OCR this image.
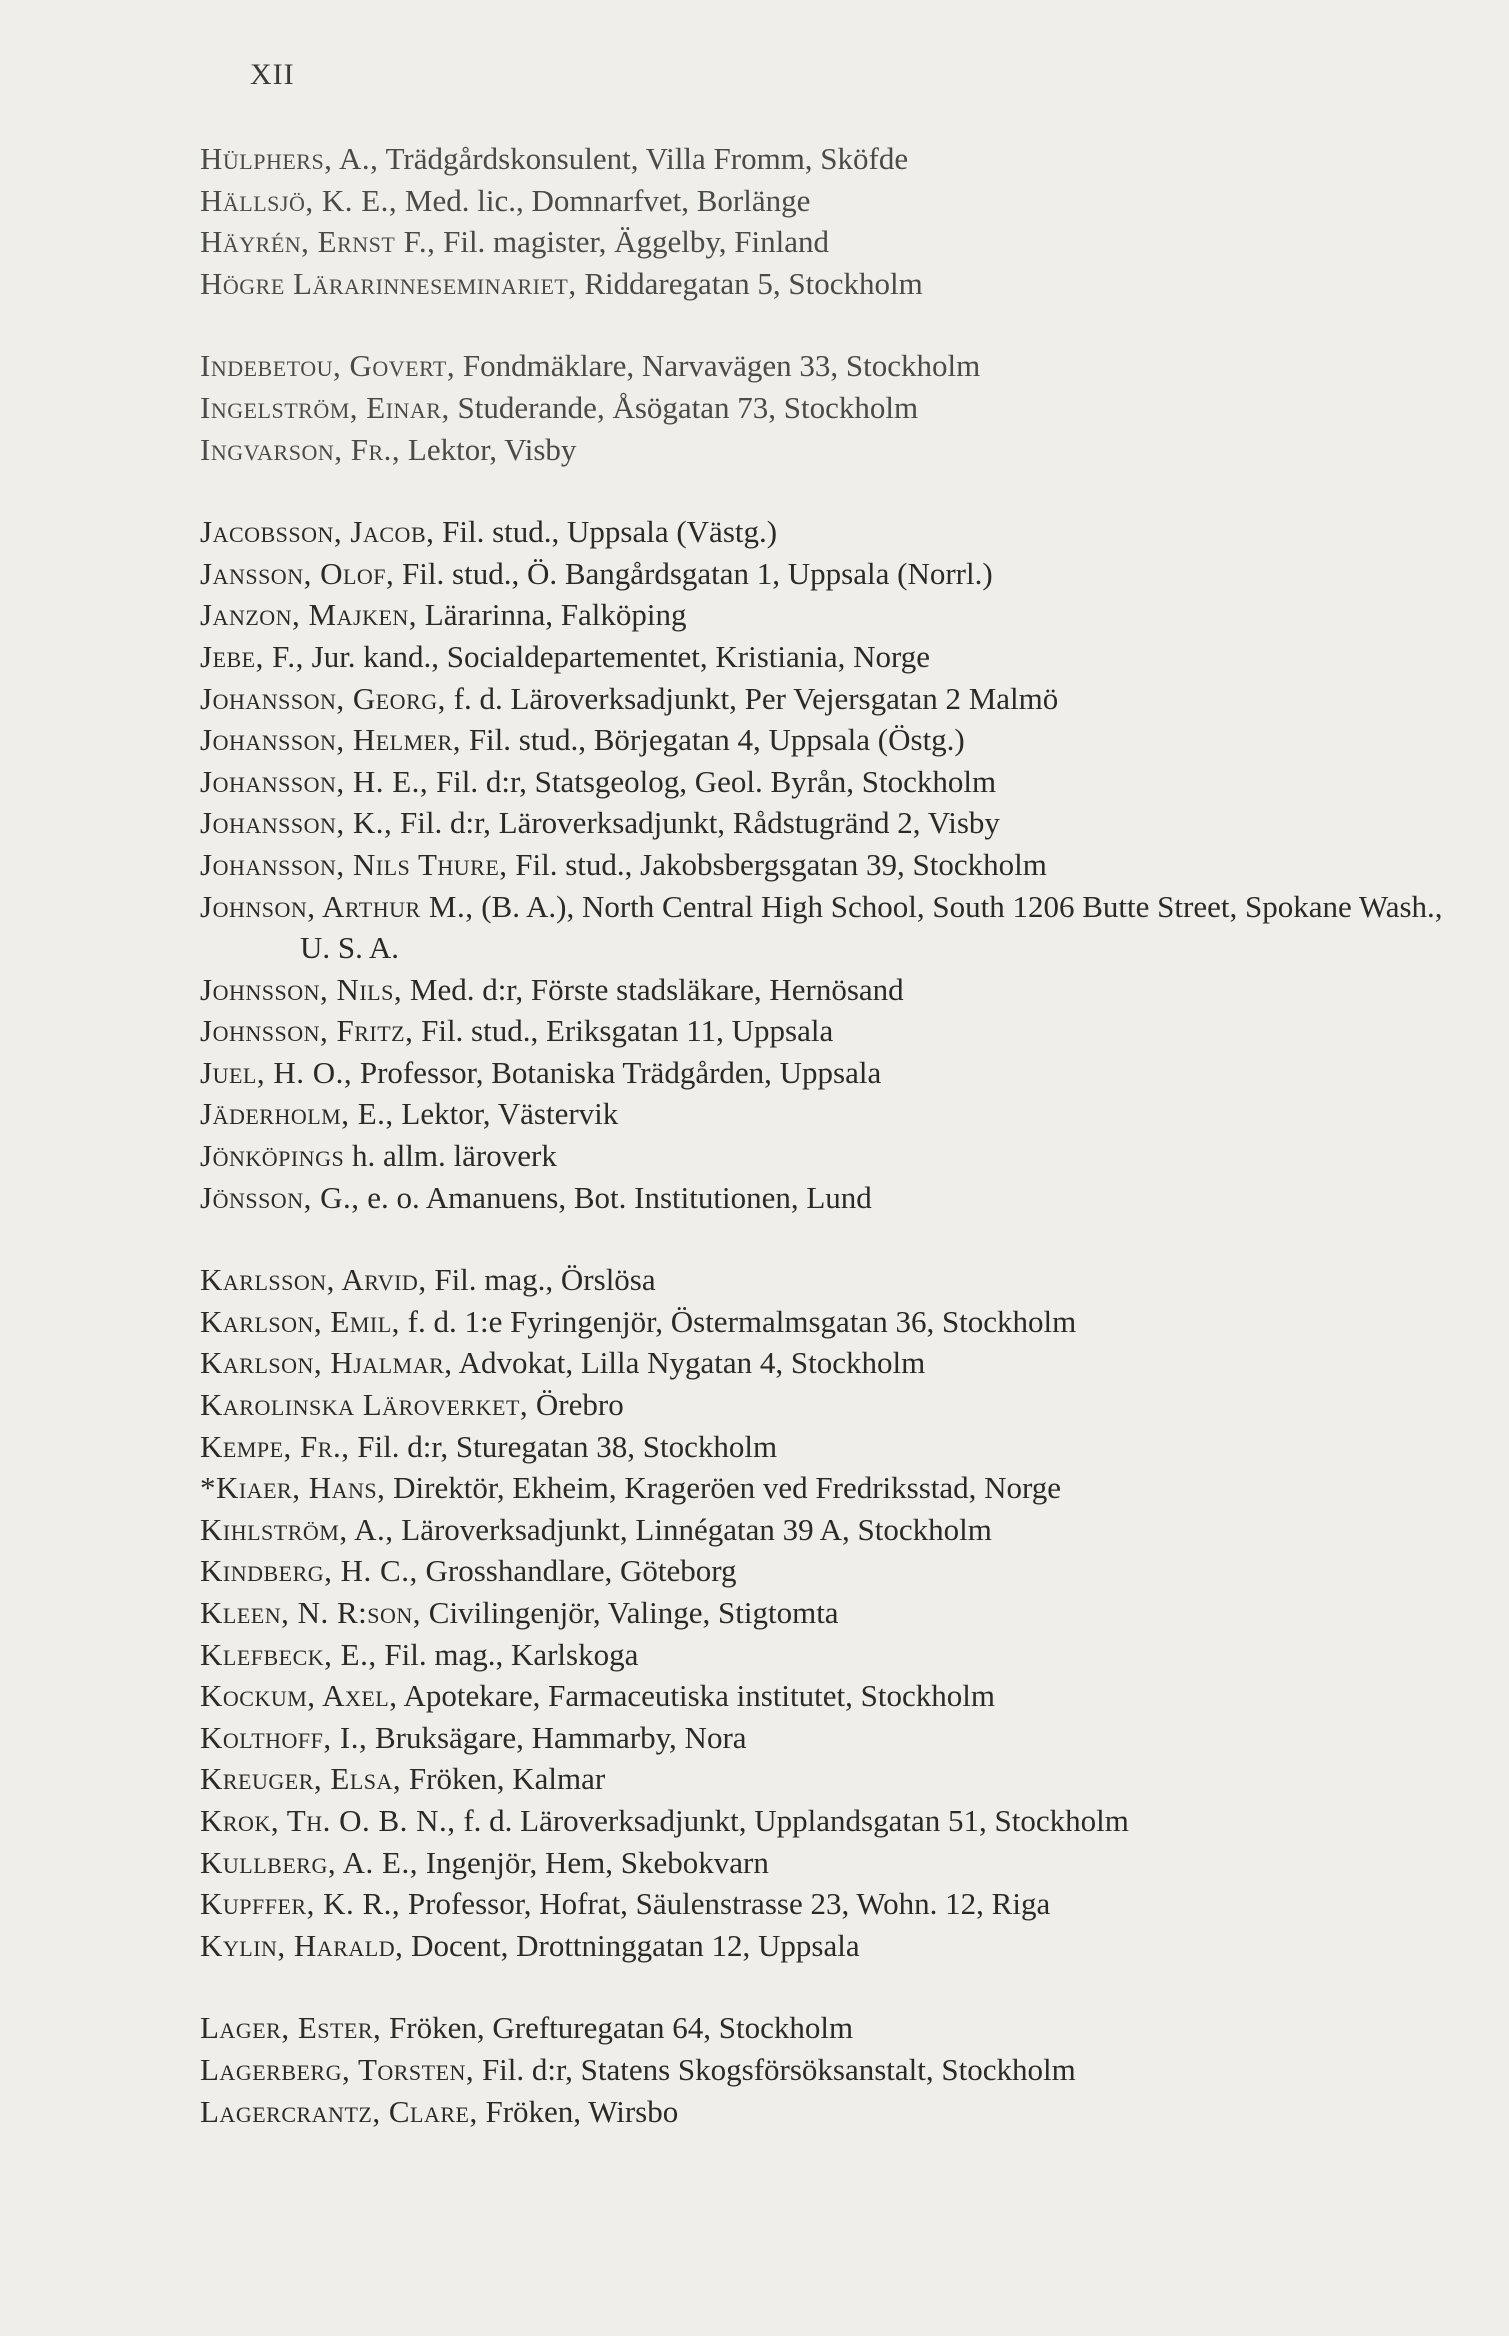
XII
Hülphers, A., Trädgårdskonsulent, Villa Fromm, Sköfde
Hällsjö, K. E., Med. lic., Domnarfvet, Borlänge
Häyrén, Ernst F., Fil. magister, Äggelby, Finland
Högre Lärarinneseminariet, Riddaregatan 5, Stockholm
Indebetou, Govert, Fondmäklare, Narvavägen 33, Stockholm
Ingelström, Einar, Studerande, Åsögatan 73, Stockholm
Ingvarson, Fr., Lektor, Visby
Jacobsson, Jacob, Fil. stud., Uppsala (Västg.)
Jansson, Olof, Fil. stud., Ö. Bangårdsgatan 1, Uppsala (Norrl.)
Janzon, Majken, Lärarinna, Falköping
Jebe, F., Jur. kand., Socialdepartementet, Kristiania, Norge
Johansson, Georg, f. d. Läroverksadjunkt, Per Vejersgatan 2 Malmö
Johansson, Helmer, Fil. stud., Börjegatan 4, Uppsala (Östg.)
Johansson, H. E., Fil. d:r, Statsgeolog, Geol. Byrån, Stockholm
Johansson, K., Fil. d:r, Läroverksadjunkt, Rådstugränd 2, Visby
Johansson, Nils Thure, Fil. stud., Jakobsbergsgatan 39, Stockholm
Johnson, Arthur M., (B. A.), North Central High School, South 1206 Butte Street, Spokane Wash., U. S. A.
Johnsson, Nils, Med. d:r, Förste stadsläkare, Hernösand
Johnsson, Fritz, Fil. stud., Eriksgatan 11, Uppsala
Juel, H. O., Professor, Botaniska Trädgården, Uppsala
Jäderholm, E., Lektor, Västervik
Jönköpings h. allm. läroverk
Jönsson, G., e. o. Amanuens, Bot. Institutionen, Lund
Karlsson, Arvid, Fil. mag., Örslösa
Karlson, Emil, f. d. 1:e Fyringenjör, Östermalmsgatan 36, Stockholm
Karlson, Hjalmar, Advokat, Lilla Nygatan 4, Stockholm
Karolinska Läroverket, Örebro
Kempe, Fr., Fil. d:r, Sturegatan 38, Stockholm
*Kiaer, Hans, Direktör, Ekheim, Krageröen ved Fredriksstad, Norge
Kihlström, A., Läroverksadjunkt, Linnégatan 39 A, Stockholm
Kindberg, H. C., Grosshandlare, Göteborg
Kleen, N. R:son, Civilingenjör, Valinge, Stigtomta
Klefbeck, E., Fil. mag., Karlskoga
Kockum, Axel, Apotekare, Farmaceutiska institutet, Stockholm
Kolthoff, I., Bruksägare, Hammarby, Nora
Kreuger, Elsa, Fröken, Kalmar
Krok, Th. O. B. N., f. d. Läroverksadjunkt, Upplandsgatan 51, Stockholm
Kullberg, A. E., Ingenjör, Hem, Skebokvarn
Kupffer, K. R., Professor, Hofrat, Säulenstrasse 23, Wohn. 12, Riga
Kylin, Harald, Docent, Drottninggatan 12, Uppsala
Lager, Ester, Fröken, Grefturegatan 64, Stockholm
Lagerberg, Torsten, Fil. d:r, Statens Skogsförsöksanstalt, Stockholm
Lagercrantz, Clare, Fröken, Wirsbo
